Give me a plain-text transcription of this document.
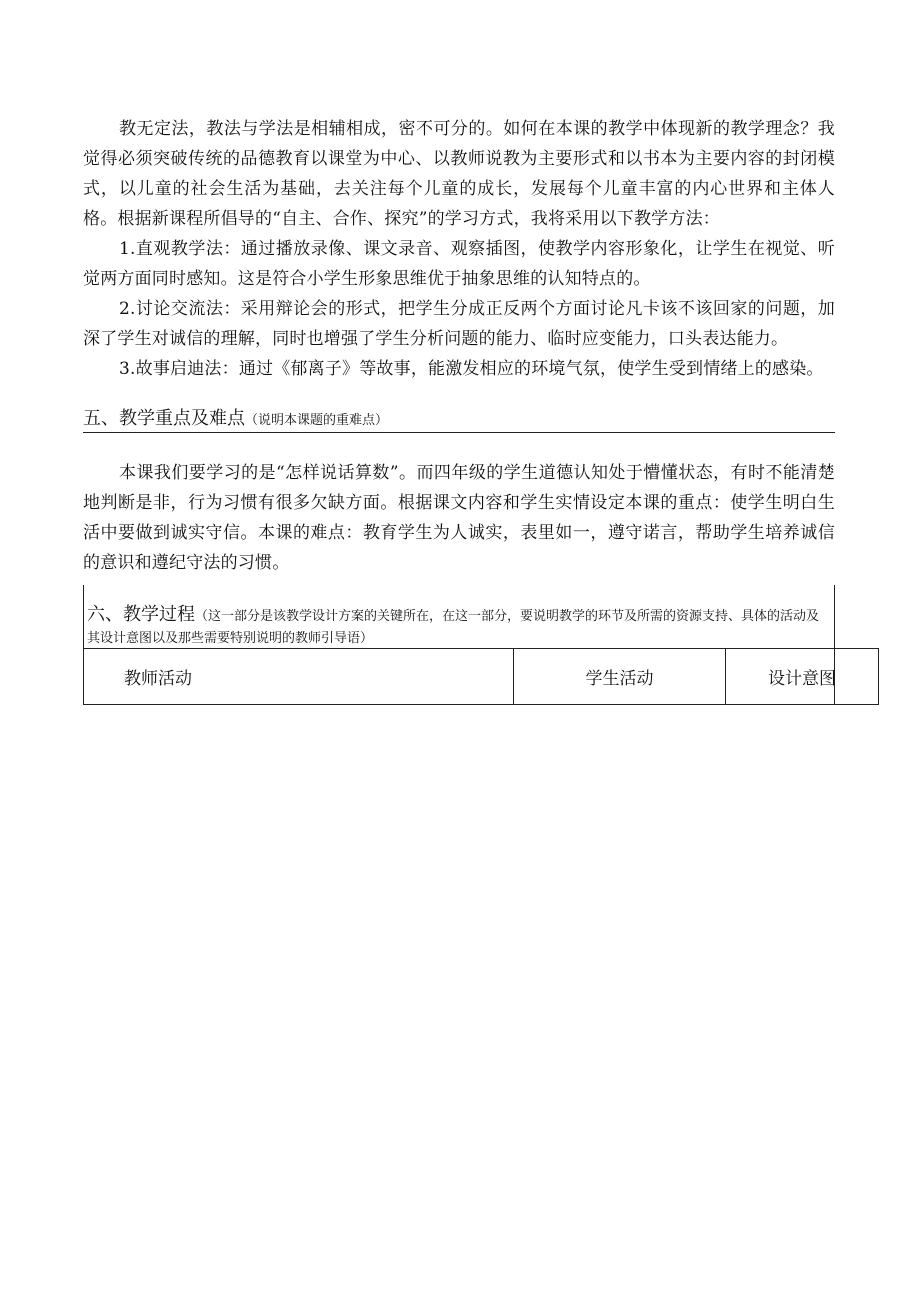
教无定法，教法与学法是相辅相成，密不可分的。如何在本课的教学中体现新的教学理念？我觉得必须突破传统的品德教育以课堂为中心、以教师说教为主要形式和以书本为主要内容的封闭模式，以儿童的社会生活为基础，去关注每个儿童的成长，发展每个儿童丰富的内心世界和主体人格。根据新课程所倡导的“自主、合作、探究”的学习方式，我将采用以下教学方法：

1.直观教学法：通过播放录像、课文录音、观察插图，使教学内容形象化，让学生在视觉、听觉两方面同时感知。这是符合小学生形象思维优于抽象思维的认知特点的。
2.讨论交流法：采用辩论会的形式，把学生分成正反两个方面讨论凡卡该不该回家的问题，加深了学生对诚信的理解，同时也增强了学生分析问题的能力、临时应变能力，口头表达能力。
3.故事启迪法：通过《郁离子》等故事，能激发相应的环境气氛，使学生受到情绪上的感染。
五、教学重点及难点（说明本课题的重难点）

本课我们要学习的是“怎样说话算数”。而四年级的学生道德认知处于懵懂状态，有时不能清楚地判断是非，行为习惯有很多欠缺方面。根据课文内容和学生实情设定本课的重点：使学生明白生活中要做到诚实守信。本课的难点：教育学生为人诚实，表里如一，遵守诺言，帮助学生培养诚信的意识和遵纪守法的习惯。

六、教学过程（这一部分是该教学设计方案的关键所在，在这一部分，要说明教学的环节及所需的资源支持、具体的活动及其设计意图以及那些需要特别说明的教师引导语）
教师活动	学生活动	设计意图
